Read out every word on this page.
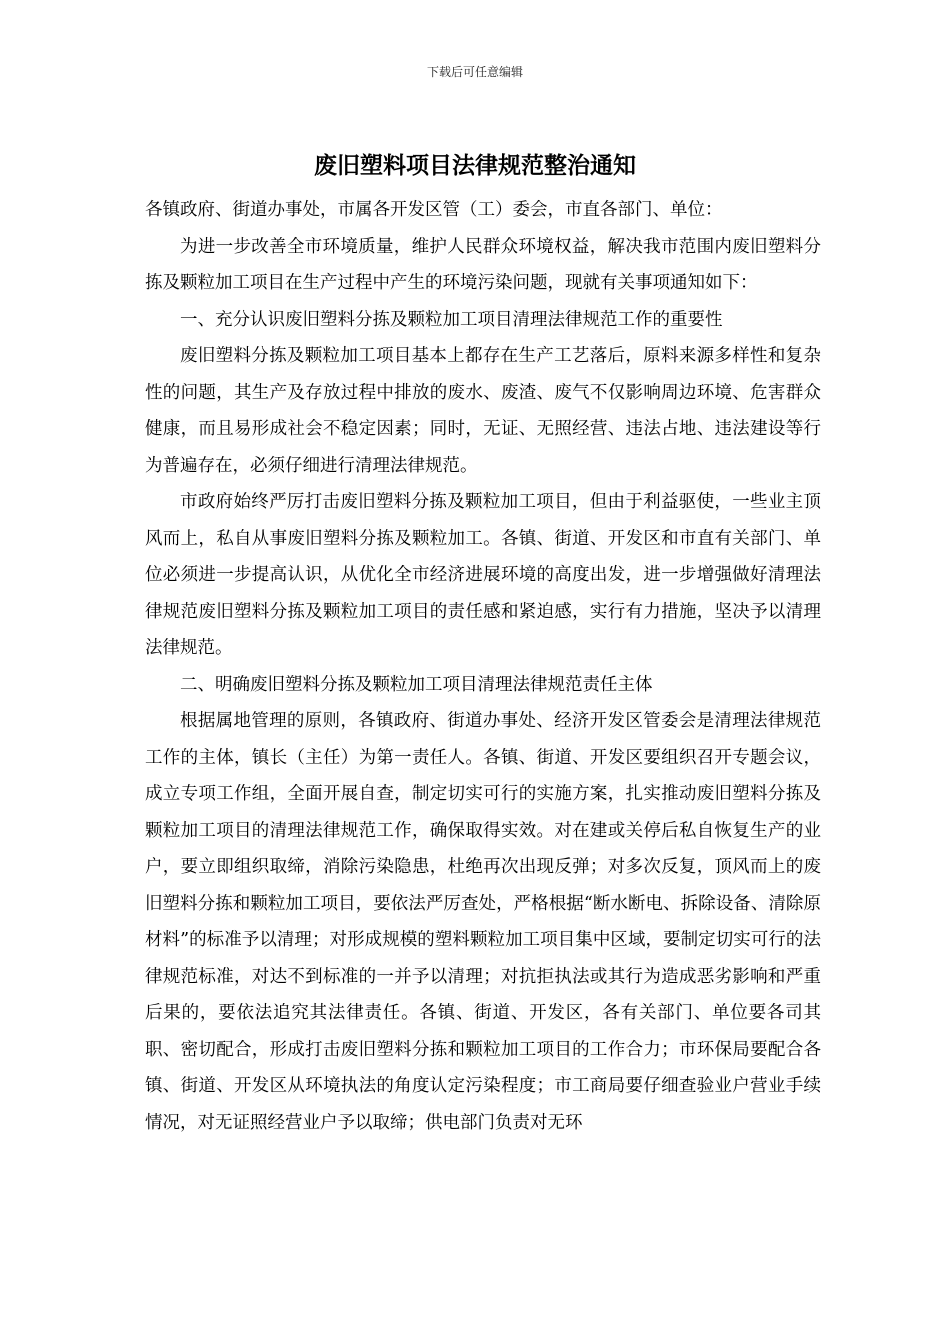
下载后可任意编辑
废旧塑料项目法律规范整治通知

各镇政府、街道办事处，市属各开发区管（工）委会，市直各部门、单位：

为进一步改善全市环境质量，维护人民群众环境权益，解决我市范围内废旧塑料分拣及颗粒加工项目在生产过程中产生的环境污染问题，现就有关事项通知如下：

一、充分认识废旧塑料分拣及颗粒加工项目清理法律规范工作的重要性

废旧塑料分拣及颗粒加工项目基本上都存在生产工艺落后，原料来源多样性和复杂性的问题，其生产及存放过程中排放的废水、废渣、废气不仅影响周边环境、危害群众健康，而且易形成社会不稳定因素；同时，无证、无照经营、违法占地、违法建设等行为普遍存在，必须仔细进行清理法律规范。

市政府始终严厉打击废旧塑料分拣及颗粒加工项目，但由于利益驱使，一些业主顶风而上，私自从事废旧塑料分拣及颗粒加工。各镇、街道、开发区和市直有关部门、单位必须进一步提高认识，从优化全市经济进展环境的高度出发，进一步增强做好清理法律规范废旧塑料分拣及颗粒加工项目的责任感和紧迫感，实行有力措施，坚决予以清理法律规范。

二、明确废旧塑料分拣及颗粒加工项目清理法律规范责任主体

根据属地管理的原则，各镇政府、街道办事处、经济开发区管委会是清理法律规范工作的主体，镇长（主任）为第一责任人。各镇、街道、开发区要组织召开专题会议，成立专项工作组，全面开展自查，制定切实可行的实施方案，扎实推动废旧塑料分拣及颗粒加工项目的清理法律规范工作，确保取得实效。对在建或关停后私自恢复生产的业户，要立即组织取缔，消除污染隐患，杜绝再次出现反弹；对多次反复，顶风而上的废旧塑料分拣和颗粒加工项目，要依法严厉查处，严格根据“断水断电、拆除设备、清除原材料”的标准予以清理；对形成规模的塑料颗粒加工项目集中区域，要制定切实可行的法律规范标准，对达不到标准的一并予以清理；对抗拒执法或其行为造成恶劣影响和严重后果的，要依法追究其法律责任。各镇、街道、开发区，各有关部门、单位要各司其职、密切配合，形成打击废旧塑料分拣和颗粒加工项目的工作合力；市环保局要配合各镇、街道、开发区从环境执法的角度认定污染程度；市工商局要仔细查验业户营业手续情况，对无证照经营业户予以取缔；供电部门负责对无环
